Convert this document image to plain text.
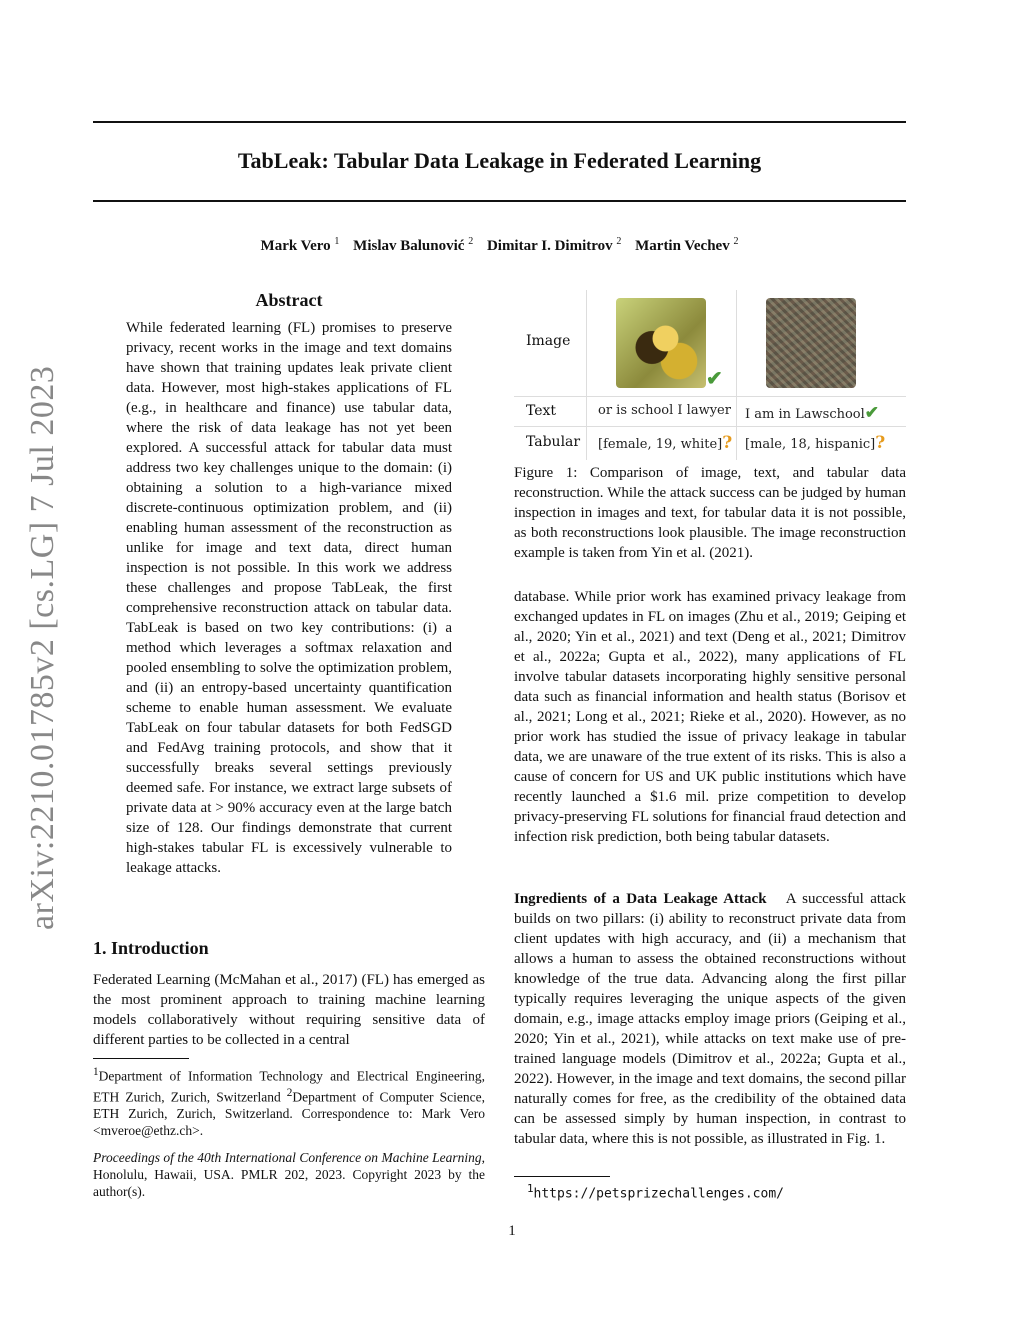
TabLeak: Tabular Data Leakage in Federated Learning
Mark Vero $^1$ Mislav Balunović $^2$ Dimitar I. Dimitrov $^2$ Martin Vechev $^2$
arXiv:2210.01785v2 [cs.LG] 7 Jul 2023
Abstract
While federated learning (FL) promises to preserve privacy, recent works in the image and text domains have shown that training updates leak private client data. However, most high-stakes applications of FL (e.g., in healthcare and finance) use tabular data, where the risk of data leakage has not yet been explored. A successful attack for tabular data must address two key challenges unique to the domain: (i) obtaining a solution to a high-variance mixed discrete-continuous optimization problem, and (ii) enabling human assessment of the reconstruction as unlike for image and text data, direct human inspection is not possible. In this work we address these challenges and propose TabLeak, the first comprehensive reconstruction attack on tabular data. TabLeak is based on two key contributions: (i) a method which leverages a softmax relaxation and pooled ensembling to solve the optimization problem, and (ii) an entropy-based uncertainty quantification scheme to enable human assessment. We evaluate TabLeak on four tabular datasets for both FedSGD and FedAvg training protocols, and show that it successfully breaks several settings previously deemed safe. For instance, we extract large subsets of private data at > 90% accuracy even at the large batch size of 128. Our findings demonstrate that current high-stakes tabular FL is excessively vulnerable to leakage attacks.
1. Introduction
Federated Learning (McMahan et al., 2017) (FL) has emerged as the most prominent approach to training machine learning models collaboratively without requiring sensitive data of different parties to be collected in a central
$^1$Department of Information Technology and Electrical Engineering, ETH Zurich, Zurich, Switzerland $^2$Department of Computer Science, ETH Zurich, Zurich, Switzerland. Correspondence to: Mark Vero <mveroe@ethz.ch>.
Proceedings of the 40th International Conference on Machine Learning, Honolulu, Hawaii, USA. PMLR 202, 2023. Copyright 2023 by the author(s).
Image
Text
Tabular
✔
or is school I lawyer I am in Lawschool✔
[female, 19, white]? [male, 18, hispanic]?
Figure 1: Comparison of image, text, and tabular data reconstruction. While the attack success can be judged by human inspection in images and text, for tabular data it is not possible, as both reconstructions look plausible. The image reconstruction example is taken from Yin et al. (2021).
database. While prior work has examined privacy leakage from exchanged updates in FL on images (Zhu et al., 2019; Geiping et al., 2020; Yin et al., 2021) and text (Deng et al., 2021; Dimitrov et al., 2022a; Gupta et al., 2022), many applications of FL involve tabular datasets incorporating highly sensitive personal data such as financial information and health status (Borisov et al., 2021; Long et al., 2021; Rieke et al., 2020). However, as no prior work has studied the issue of privacy leakage in tabular data, we are unaware of the true extent of its risks. This is also a cause of concern for US and UK public institutions which have recently launched a $1.6 mil. prize competition to develop privacy-preserving FL solutions for financial fraud detection and infection risk prediction, both being tabular datasets.
Ingredients of a Data Leakage Attack A successful attack builds on two pillars: (i) ability to reconstruct private data from client updates with high accuracy, and (ii) a mechanism that allows a human to assess the obtained reconstructions without knowledge of the true data. Advancing along the first pillar typically requires leveraging the unique aspects of the given domain, e.g., image attacks employ image priors (Geiping et al., 2020; Yin et al., 2021), while attacks on text make use of pre-trained language models (Dimitrov et al., 2022a; Gupta et al., 2022). However, in the image and text domains, the second pillar naturally comes for free, as the credibility of the obtained data can be assessed simply by human inspection, in contrast to tabular data, where this is not possible, as illustrated in Fig. 1.
$^1$https://petsprizechallenges.com/
1
